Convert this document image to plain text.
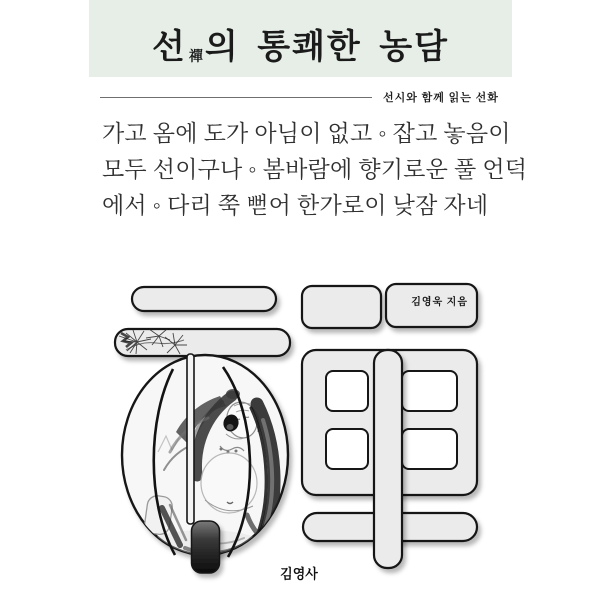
선禪의 통쾌한 농담
선시와 함께 읽는 선화

가고 옴에 도가 아님이 없고 ◦ 잡고 놓음이

모두 선이구나 ◦ 봄바람에 향기로운 풀 언덕

에서 ◦ 다리 쭉 뻗어 한가로이 낮잠 자네

김영욱 지음
김영사
